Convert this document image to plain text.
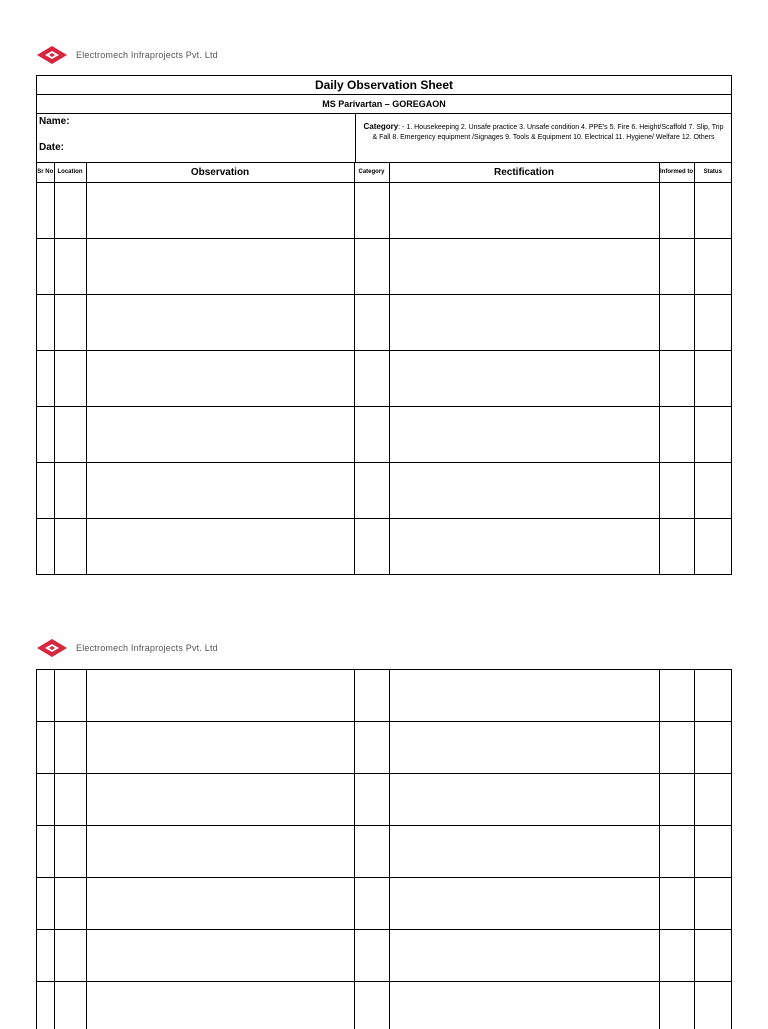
Electromech Infraprojects Pvt. Ltd
Daily Observation Sheet
MS Parivartan – GOREGAON
Name:
Date:
Category: - 1. Housekeeping 2. Unsafe practice 3. Unsafe condition 4. PPE's 5. Fire 6. Height/Scaffold 7. Slip, Trip & Fall 8. Emergency equipment /Signages 9. Tools & Equipment 10. Electrical 11. Hygiene/ Welfare 12. Others
Sr No	Location	Observation	Category	Rectification	Informed to	Status

Electromech Infraprojects Pvt. Ltd
